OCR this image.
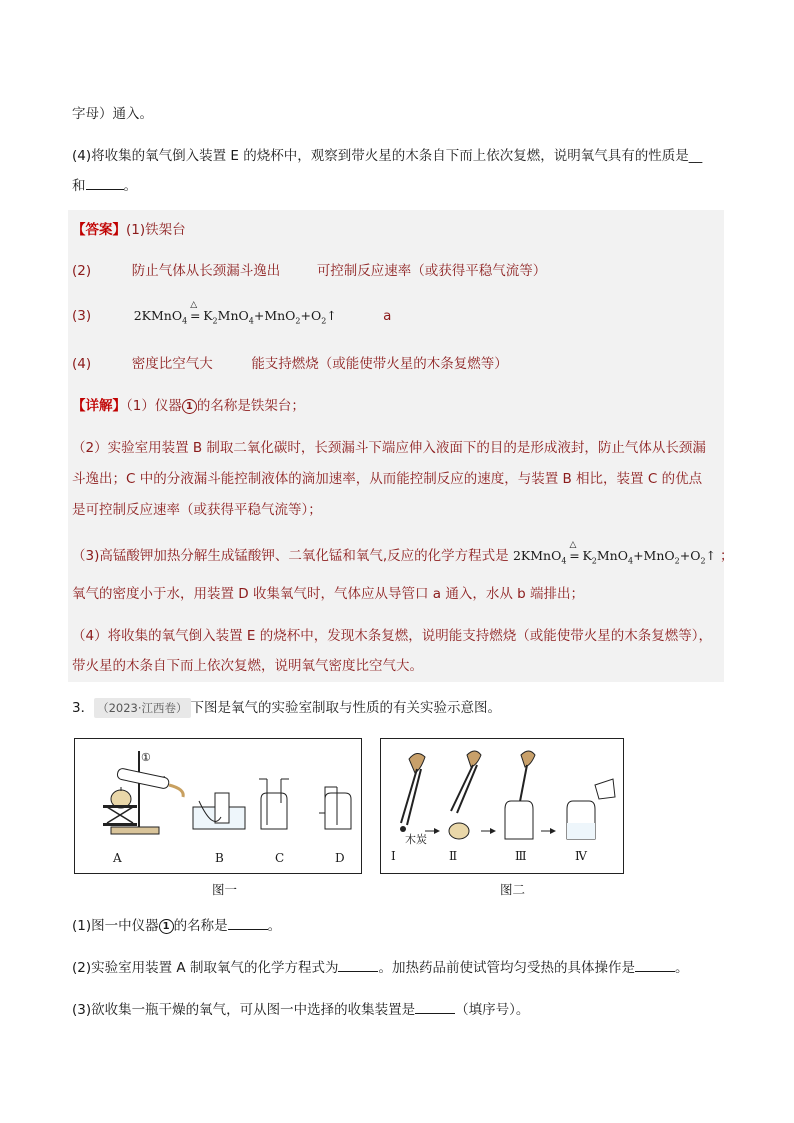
字母）通入。
(4)将收集的氧气倒入装置 E 的烧杯中，观察到带火星的木条自下而上依次复燃，说明氧气具有的性质是__
和	。
【答案】(1)铁架台
(2)	防止气体从长颈漏斗逸出	可控制反应速率（或获得平稳气流等）
(3)	2KMnO$_4$
△
= $K_2MnO_4+MnO_2+O_2↑$	a
(4)	密度比空气大	能支持燃烧（或能使带火星的木条复燃等）
【详解】（1）仪器 1 的名称是铁架台；
（2）实验室用装置 B 制取二氧化碳时，长颈漏斗下端应伸入液面下的目的是形成液封，防止气体从长颈漏
斗逸出；C 中的分液漏斗能控制液体的滴加速率，从而能控制反应的速度，与装置 B 相比，装置 C 的优点
是可控制反应速率（或获得平稳气流等）；
（3)高锰酸钾加热分解生成锰酸钾、二氧化锰和氧气,反应的化学方程式是 2KMnO$_4$
△
= $K_2MnO_4+MnO_2+O_2↑$ ；
氧气的密度小于水，用装置 D 收集氧气时，气体应从导管口 a 通入，水从 b 端排出；
（4）将收集的氧气倒入装置 E 的烧杯中，发现木条复燃，说明能支持燃烧（或能使带火星的木条复燃等），
带火星的木条自下而上依次复燃，说明氧气密度比空气大。
3． （2023·江西卷） 下图是氧气的实验室制取与性质的有关实验示意图。
①
A	B	C	D
图一
木炭
Ⅰ	Ⅱ	Ⅲ	Ⅳ
图二
(1)图一中仪器 1 的名称是	。
(2)实验室用装置 A 制取氧气的化学方程式为	。加热药品前使试管均匀受热的具体操作是	。
(3)欲收集一瓶干燥的氧气，可从图一中选择的收集装置是	（填序号）。
